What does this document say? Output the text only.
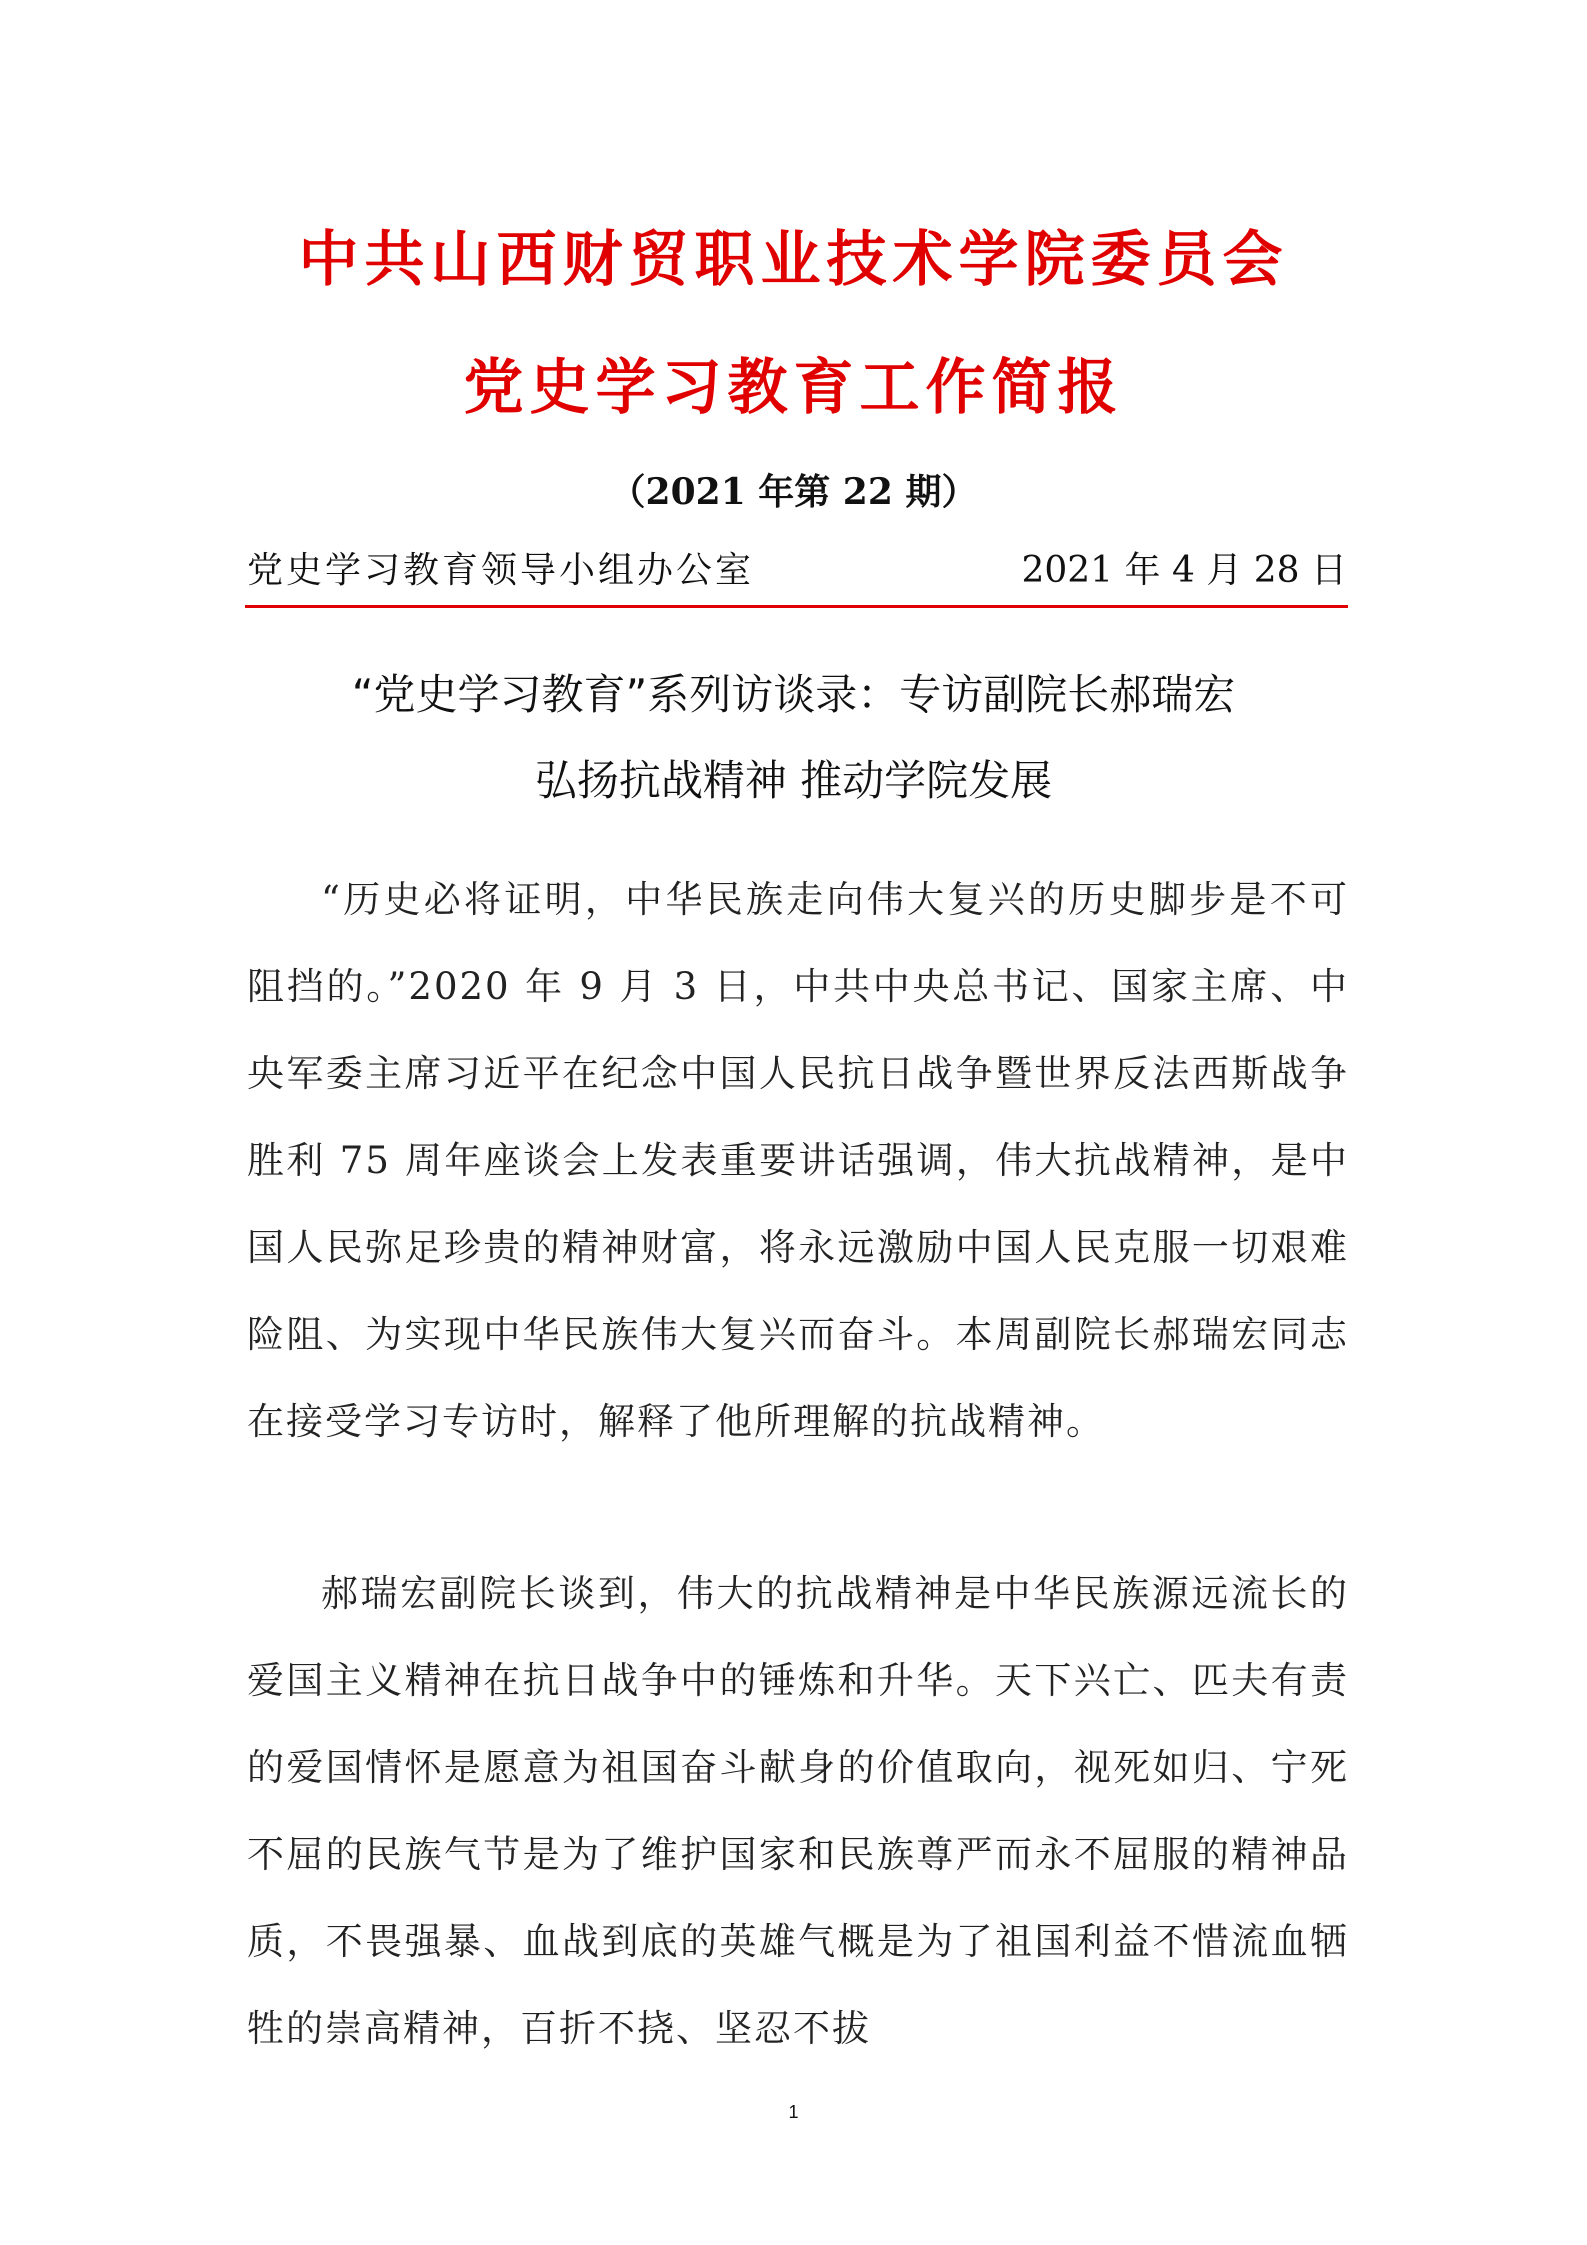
中共山西财贸职业技术学院委员会
党史学习教育工作简报
（2021 年第 22 期）
党史学习教育领导小组办公室	2021 年 4 月 28 日
“党史学习教育”系列访谈录：专访副院长郝瑞宏
弘扬抗战精神 推动学院发展

“历史必将证明，中华民族走向伟大复兴的历史脚步是不可阻挡的。”2020 年 9 月 3 日，中共中央总书记、国家主席、中央军委主席习近平在纪念中国人民抗日战争暨世界反法西斯战争胜利 75 周年座谈会上发表重要讲话强调，伟大抗战精神，是中国人民弥足珍贵的精神财富，将永远激励中国人民克服一切艰难险阻、为实现中华民族伟大复兴而奋斗。本周副院长郝瑞宏同志在接受学习专访时，解释了他所理解的抗战精神。

郝瑞宏副院长谈到，伟大的抗战精神是中华民族源远流长的爱国主义精神在抗日战争中的锤炼和升华。天下兴亡、匹夫有责的爱国情怀是愿意为祖国奋斗献身的价值取向，视死如归、宁死不屈的民族气节是为了维护国家和民族尊严而永不屈服的精神品质，不畏强暴、血战到底的英雄气概是为了祖国利益不惜流血牺牲的崇高精神，百折不挠、坚忍不拔

1
